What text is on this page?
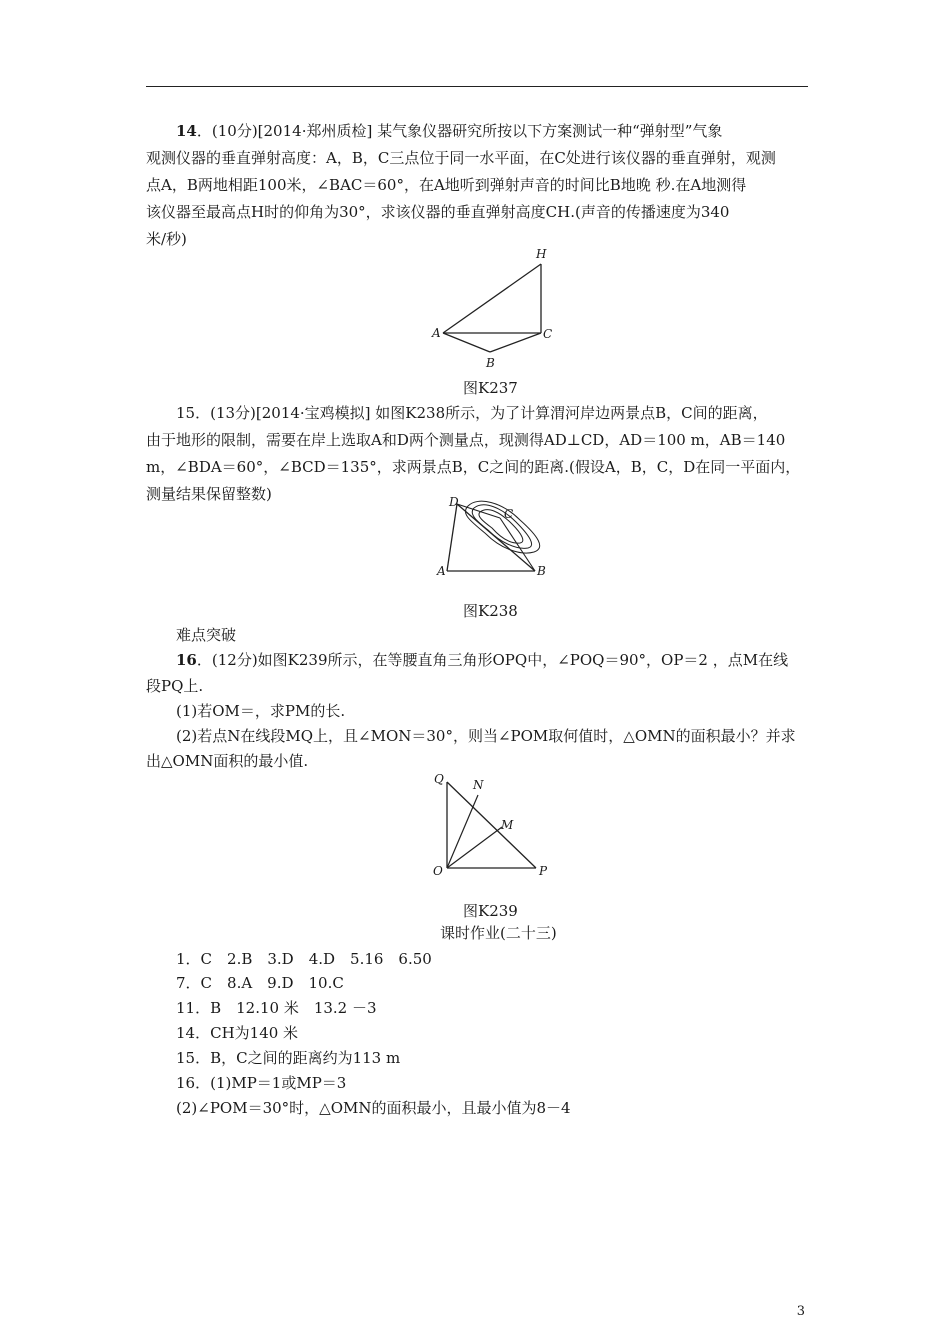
14．(10分)[2014·郑州质检] 某气象仪器研究所按以下方案测试一种“弹射型”气象
观测仪器的垂直弹射高度：A，B，C三点位于同一水平面，在C处进行该仪器的垂直弹射，观测
点A，B两地相距100米，∠BAC＝60°，在A地听到弹射声音的时间比B地晚 秒.在A地测得
该仪器至最高点H时的仰角为30°，求该仪器的垂直弹射高度CH.(声音的传播速度为340
米/秒)
H
A	C
B
图K237
15．(13分)[2014·宝鸡模拟] 如图K238所示，为了计算渭河岸边两景点B，C间的距离，
由于地形的限制，需要在岸上选取A和D两个测量点，现测得AD⊥CD，AD＝100 m，AB＝140
m，∠BDA＝60°，∠BCD＝135°，求两景点B，C之间的距离.(假设A，B，C，D在同一平面内，
测量结果保留整数)	D
C
A	B
图K238
难点突破
16．(12分)如图K239所示，在等腰直角三角形OPQ中，∠POQ＝90°，OP＝2 ，点M在线
段PQ上.
(1)若OM＝，求PM的长.
(2)若点N在线段MQ上，且∠MON＝30°，则当∠POM取何值时，△OMN的面积最小？并求
出△OMN面积的最小值.
Q N
M
O	P
图K239
课时作业(二十三)
1．C　2.B　3.D　4.D　5.16　6.50
7．C　8.A　9.D　10.C
11．B　12.10 米　13.2 －3
14．CH为140 米
15．B，C之间的距离约为113 m
16．(1)MP＝1或MP＝3
(2)∠POM＝30°时，△OMN的面积最小，且最小值为8－4
3
